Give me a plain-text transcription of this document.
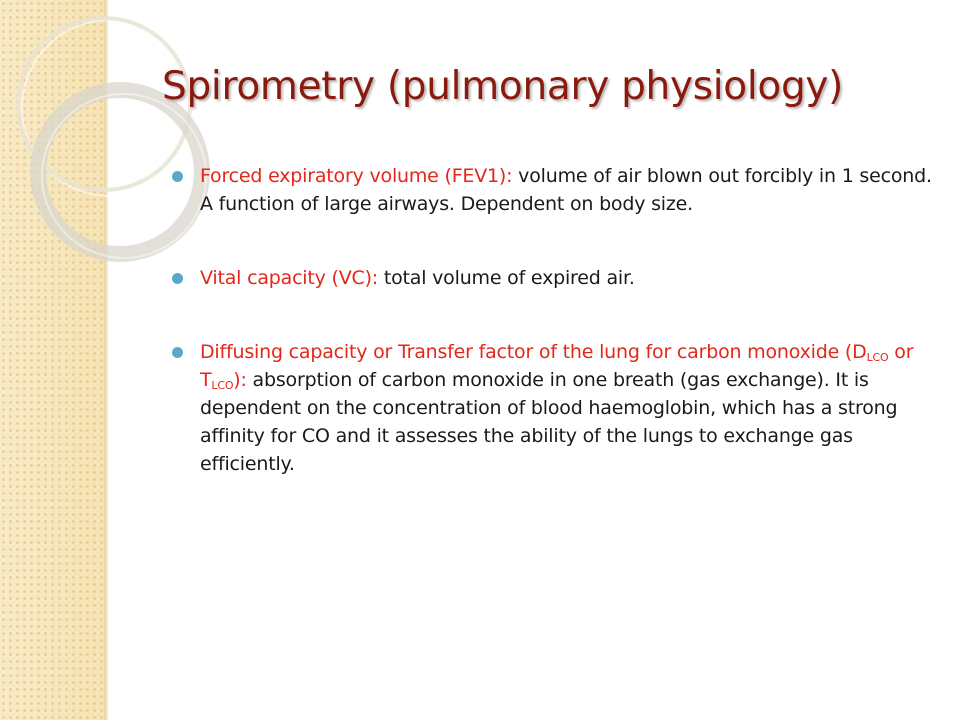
Spirometry (pulmonary physiology)
Forced expiratory volume (FEV1): volume of air blown out forcibly in 1 second. A function of large airways. Dependent on body size.
Vital capacity (VC): total volume of expired air.
Diffusing capacity or Transfer factor of the lung for carbon monoxide ($D_{LCO}$ or $T_{LCO}$): absorption of carbon monoxide in one breath (gas exchange). It is dependent on the concentration of blood haemoglobin, which has a strong affinity for CO and it assesses the ability of the lungs to exchange gas efficiently.
